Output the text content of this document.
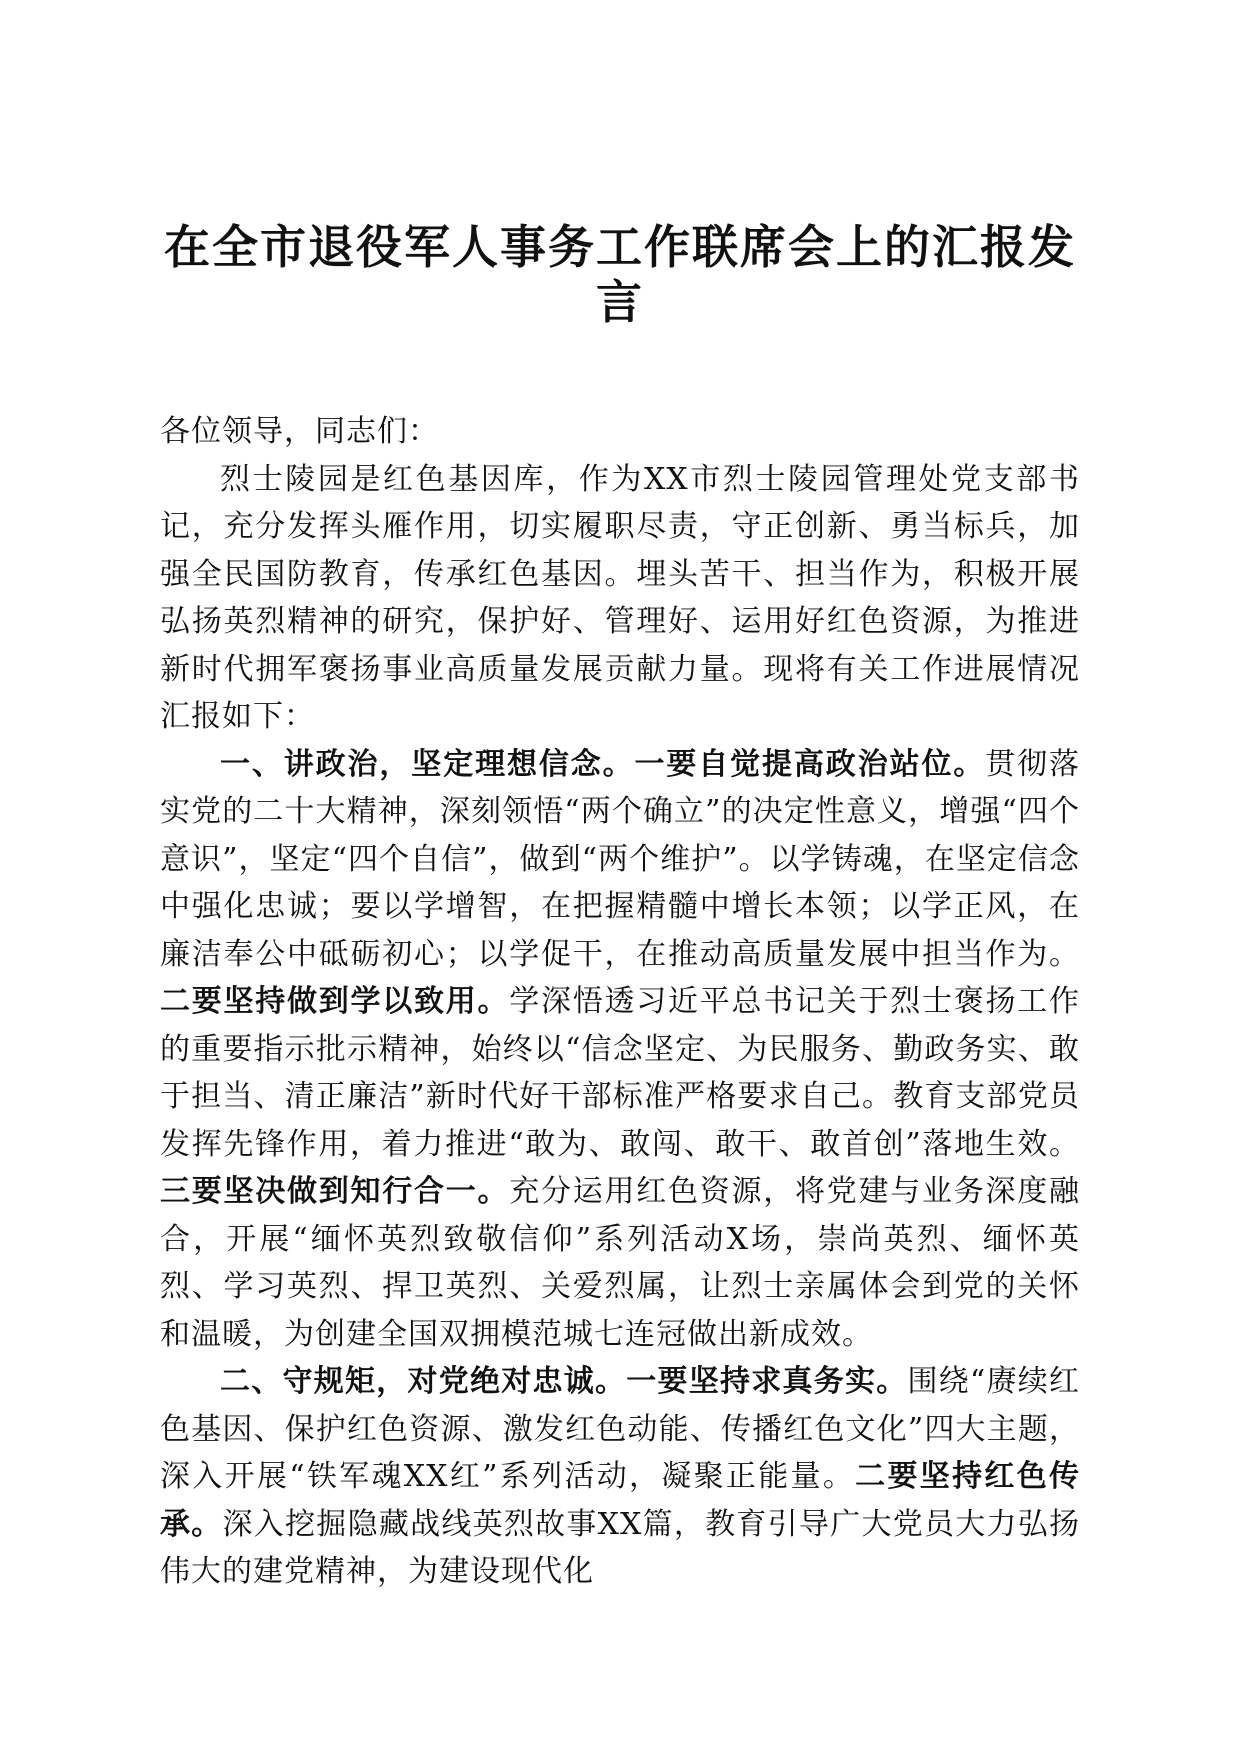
在全市退役军人事务工作联席会上的汇报发言

各位领导，同志们：

烈士陵园是红色基因库，作为XX市烈士陵园管理处党支部书记，充分发挥头雁作用，切实履职尽责，守正创新、勇当标兵，加强全民国防教育，传承红色基因。埋头苦干、担当作为，积极开展弘扬英烈精神的研究，保护好、管理好、运用好红色资源，为推进新时代拥军褒扬事业高质量发展贡献力量。现将有关工作进展情况汇报如下：

一、讲政治，坚定理想信念。一要自觉提高政治站位。贯彻落实党的二十大精神，深刻领悟“两个确立”的决定性意义，增强“四个意识”，坚定“四个自信”，做到“两个维护”。以学铸魂，在坚定信念中强化忠诚；要以学增智，在把握精髓中增长本领；以学正风，在廉洁奉公中砥砺初心；以学促干，在推动高质量发展中担当作为。二要坚持做到学以致用。学深悟透习近平总书记关于烈士褒扬工作的重要指示批示精神，始终以“信念坚定、为民服务、勤政务实、敢于担当、清正廉洁”新时代好干部标准严格要求自己。教育支部党员发挥先锋作用，着力推进“敢为、敢闯、敢干、敢首创”落地生效。三要坚决做到知行合一。充分运用红色资源，将党建与业务深度融合，开展“缅怀英烈致敬信仰”系列活动X场，崇尚英烈、缅怀英烈、学习英烈、捍卫英烈、关爱烈属，让烈士亲属体会到党的关怀和温暖，为创建全国双拥模范城七连冠做出新成效。

二、守规矩，对党绝对忠诚。一要坚持求真务实。围绕“赓续红色基因、保护红色资源、激发红色动能、传播红色文化”四大主题，深入开展“铁军魂XX红”系列活动，凝聚正能量。二要坚持红色传承。深入挖掘隐藏战线英烈故事XX篇，教育引导广大党员大力弘扬伟大的建党精神，为建设现代化
